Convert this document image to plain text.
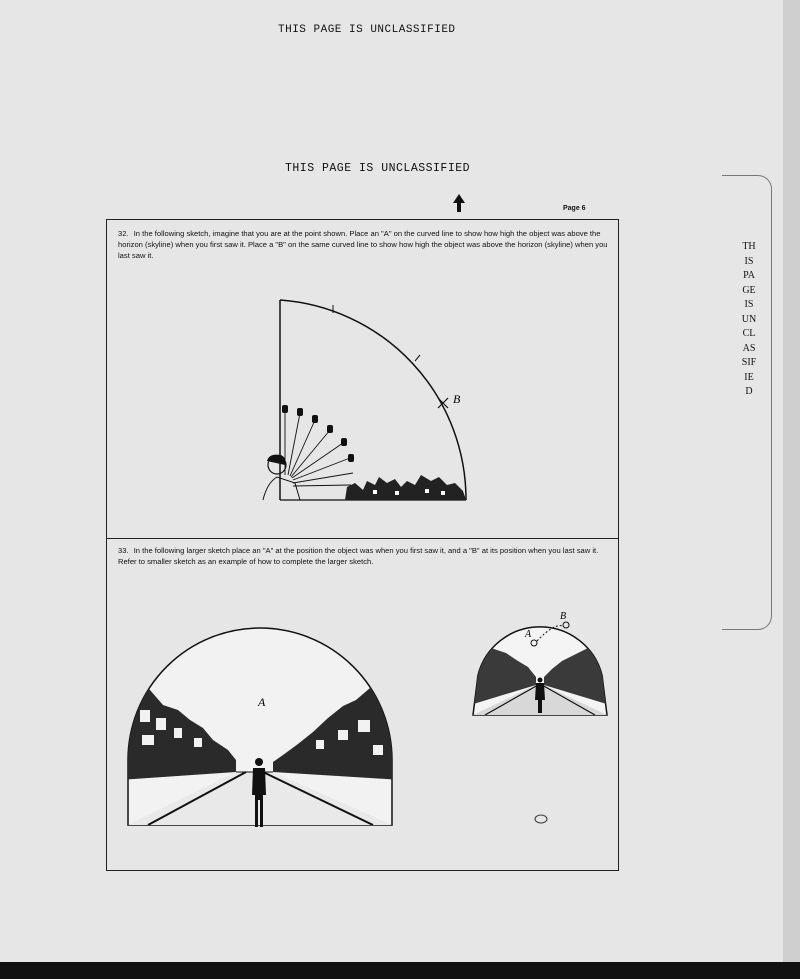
THIS PAGE IS UNCLASSIFIED
THIS PAGE IS UNCLASSIFIED
Page 6
32. In the following sketch, imagine that you are at the point shown. Place an "A" on the curved line to show how high the object was above the horizon (skyline) when you first saw it. Place a "B" on the same curved line to show how high the object was above the horizon (skyline) when you last saw it.
B
33. In the following larger sketch place an "A" at the position the object was when you first saw it, and a "B" at its position when you last saw it. Refer to smaller sketch as an example of how to complete the larger sketch.
A
A
B
THIS PAGE IS UNCLASSIFIED
